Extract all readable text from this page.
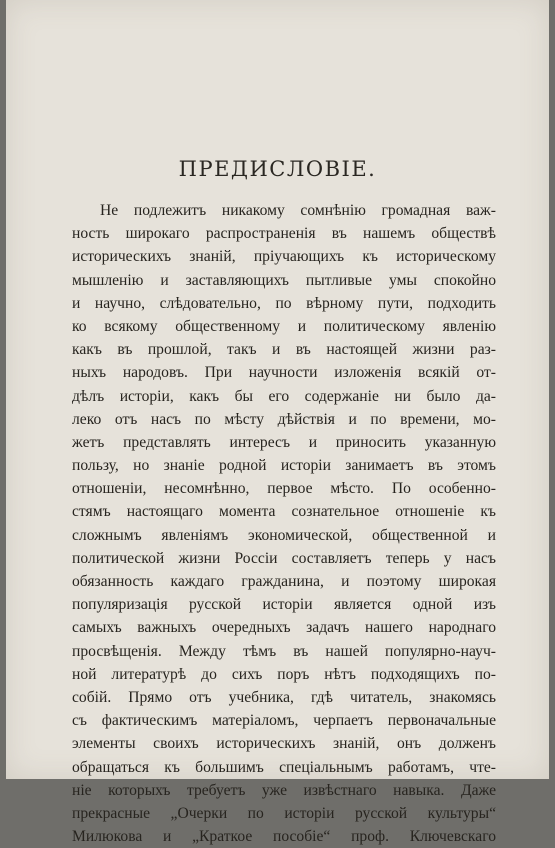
ПРЕДИСЛОВІЕ.
Не подлежитъ никакому сомнѣнію громадная важ-
ность широкаго распространенія въ нашемъ обществѣ
историческихъ знаній, пріучающихъ къ историческому
мышленію и заставляющихъ пытливые умы спокойно
и научно, слѣдовательно, по вѣрному пути, подходить
ко всякому общественному и политическому явленію
какъ въ прошлой, такъ и въ настоящей жизни раз-
ныхъ народовъ. При научности изложенія всякій от-
дѣлъ исторіи, какъ бы его содержаніе ни было да-
леко отъ насъ по мѣсту дѣйствія и по времени, мо-
жетъ представлять интересъ и приносить указанную
пользу, но знаніе родной исторіи занимаетъ въ этомъ
отношеніи, несомнѣнно, первое мѣсто. По особенно-
стямъ настоящаго момента сознательное отношеніе къ
сложнымъ явленіямъ экономической, общественной и
политической жизни Россіи составляетъ теперь у насъ
обязанность каждаго гражданина, и поэтому широкая
популяризація русской исторіи является одной изъ
самыхъ важныхъ очередныхъ задачъ нашего народнаго
просвѣщенія. Между тѣмъ въ нашей популярно-науч-
ной литературѣ до сихъ поръ нѣтъ подходящихъ по-
собій. Прямо отъ учебника, гдѣ читатель, знакомясь
съ фактическимъ матеріаломъ, черпаетъ первоначальные
элементы своихъ историческихъ знаній, онъ долженъ
обращаться къ большимъ спеціальнымъ работамъ, чте-
ніе которыхъ требуетъ уже извѣстнаго навыка. Даже
прекрасные „Очерки по исторіи русской культуры“
Милюкова и „Краткое пособіе“ проф. Ключевскаго
